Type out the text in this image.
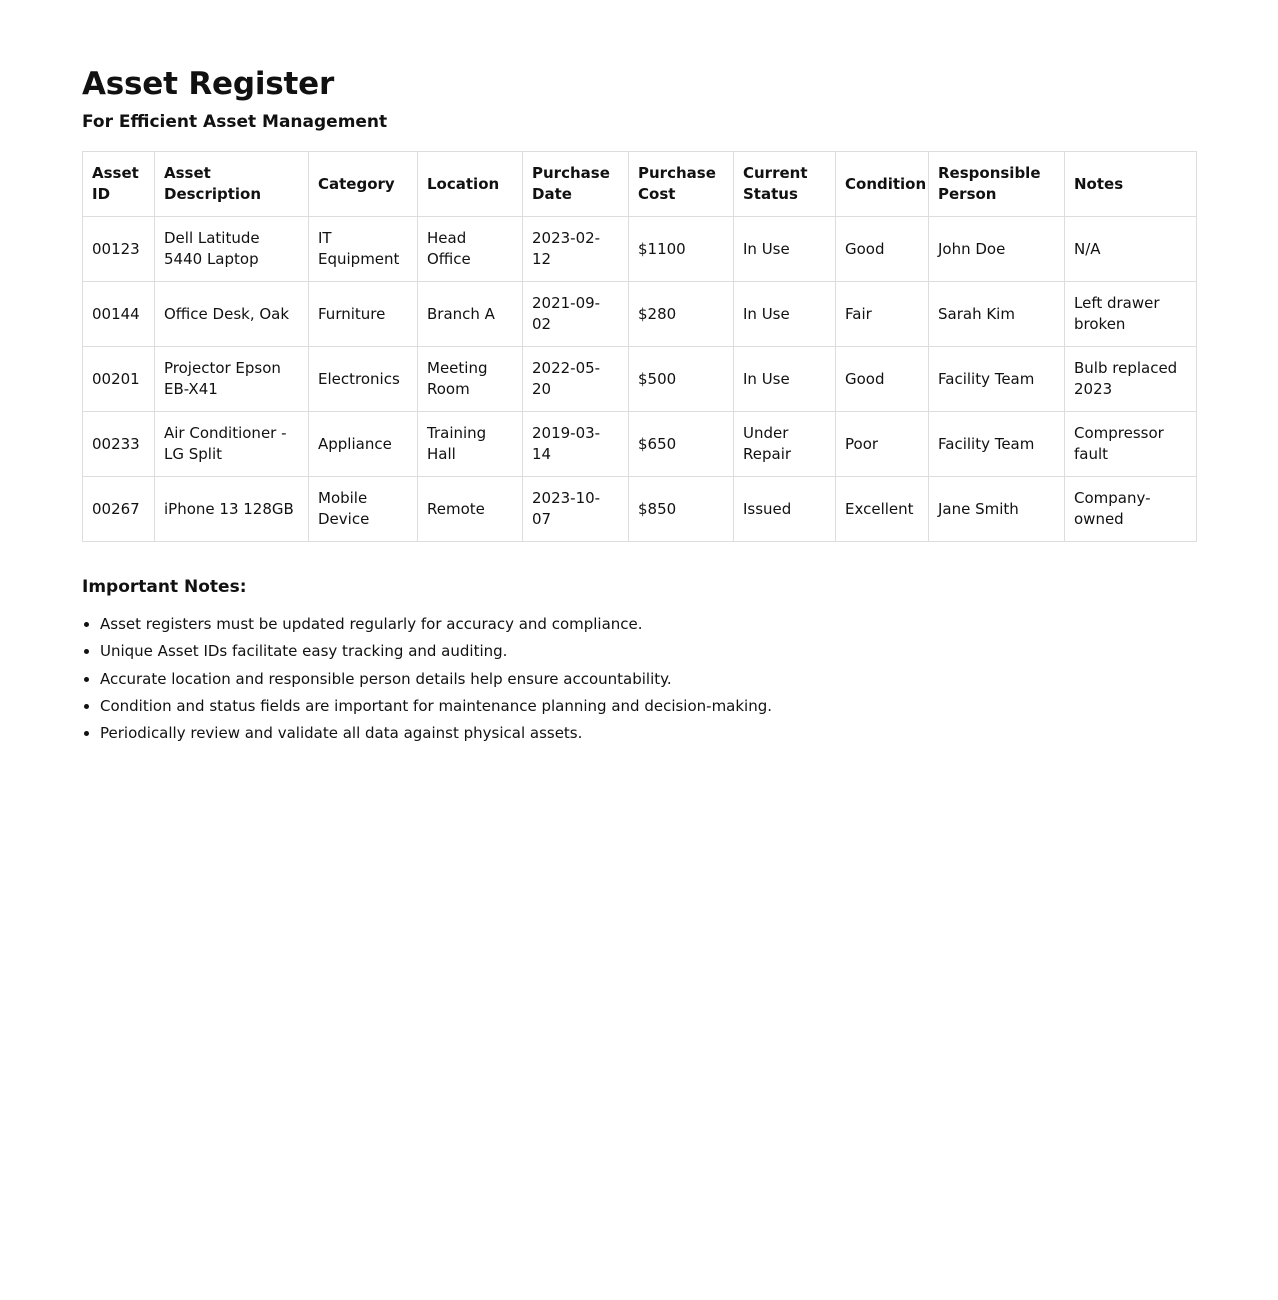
Asset Register
For Efficient Asset Management
Asset ID	Asset Description	Category	Location	Purchase Date	Purchase Cost	Current Status	Condition	Responsible Person	Notes
00123	Dell Latitude 5440 Laptop	IT Equipment	Head Office	2023-02-12	$1100	In Use	Good	John Doe	N/A
00144	Office Desk, Oak	Furniture	Branch A	2021-09-02	$280	In Use	Fair	Sarah Kim	Left drawer broken
00201	Projector Epson EB-X41	Electronics	Meeting Room	2022-05-20	$500	In Use	Good	Facility Team	Bulb replaced 2023
00233	Air Conditioner - LG Split	Appliance	Training Hall	2019-03-14	$650	Under Repair	Poor	Facility Team	Compressor fault
00267	iPhone 13 128GB	Mobile Device	Remote	2023-10-07	$850	Issued	Excellent	Jane Smith	Company-owned
Important Notes:
• Asset registers must be updated regularly for accuracy and compliance.
• Unique Asset IDs facilitate easy tracking and auditing.
• Accurate location and responsible person details help ensure accountability.
• Condition and status fields are important for maintenance planning and decision-making.
• Periodically review and validate all data against physical assets.
